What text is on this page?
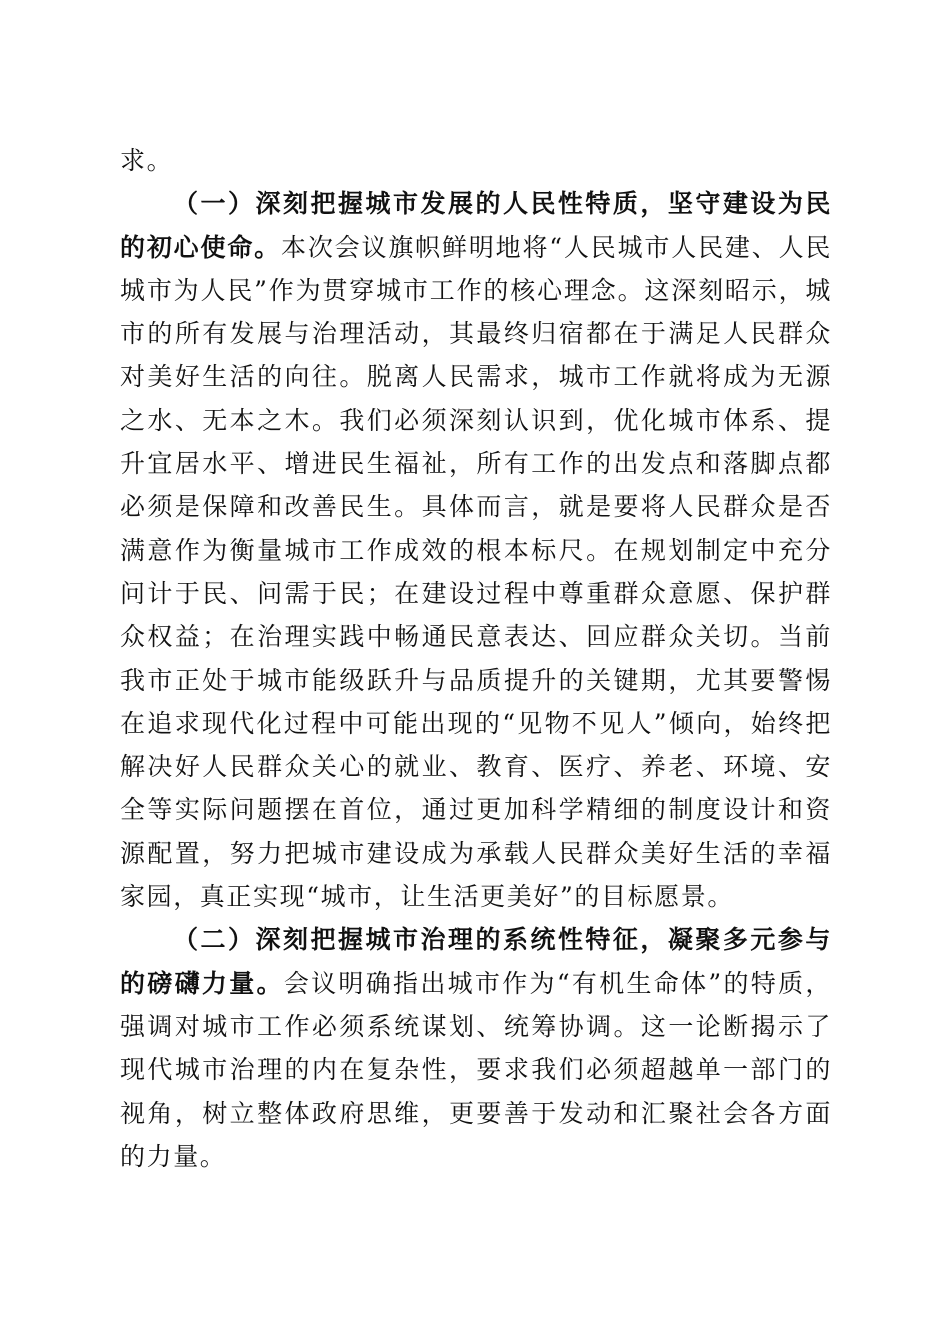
求。

（一）深刻把握城市发展的人民性特质，坚守建设为民的初心使命。本次会议旗帜鲜明地将“人民城市人民建、人民城市为人民”作为贯穿城市工作的核心理念。这深刻昭示，城市的所有发展与治理活动，其最终归宿都在于满足人民群众对美好生活的向往。脱离人民需求，城市工作就将成为无源之水、无本之木。我们必须深刻认识到，优化城市体系、提升宜居水平、增进民生福祉，所有工作的出发点和落脚点都必须是保障和改善民生。具体而言，就是要将人民群众是否满意作为衡量城市工作成效的根本标尺。在规划制定中充分问计于民、问需于民；在建设过程中尊重群众意愿、保护群众权益；在治理实践中畅通民意表达、回应群众关切。当前我市正处于城市能级跃升与品质提升的关键期，尤其要警惕在追求现代化过程中可能出现的“见物不见人”倾向，始终把解决好人民群众关心的就业、教育、医疗、养老、环境、安全等实际问题摆在首位，通过更加科学精细的制度设计和资源配置，努力把城市建设成为承载人民群众美好生活的幸福家园，真正实现“城市，让生活更美好”的目标愿景。

（二）深刻把握城市治理的系统性特征，凝聚多元参与的磅礴力量。会议明确指出城市作为“有机生命体”的特质，强调对城市工作必须系统谋划、统筹协调。这一论断揭示了现代城市治理的内在复杂性，要求我们必须超越单一部门的视角，树立整体政府思维，更要善于发动和汇聚社会各方面的力量。
